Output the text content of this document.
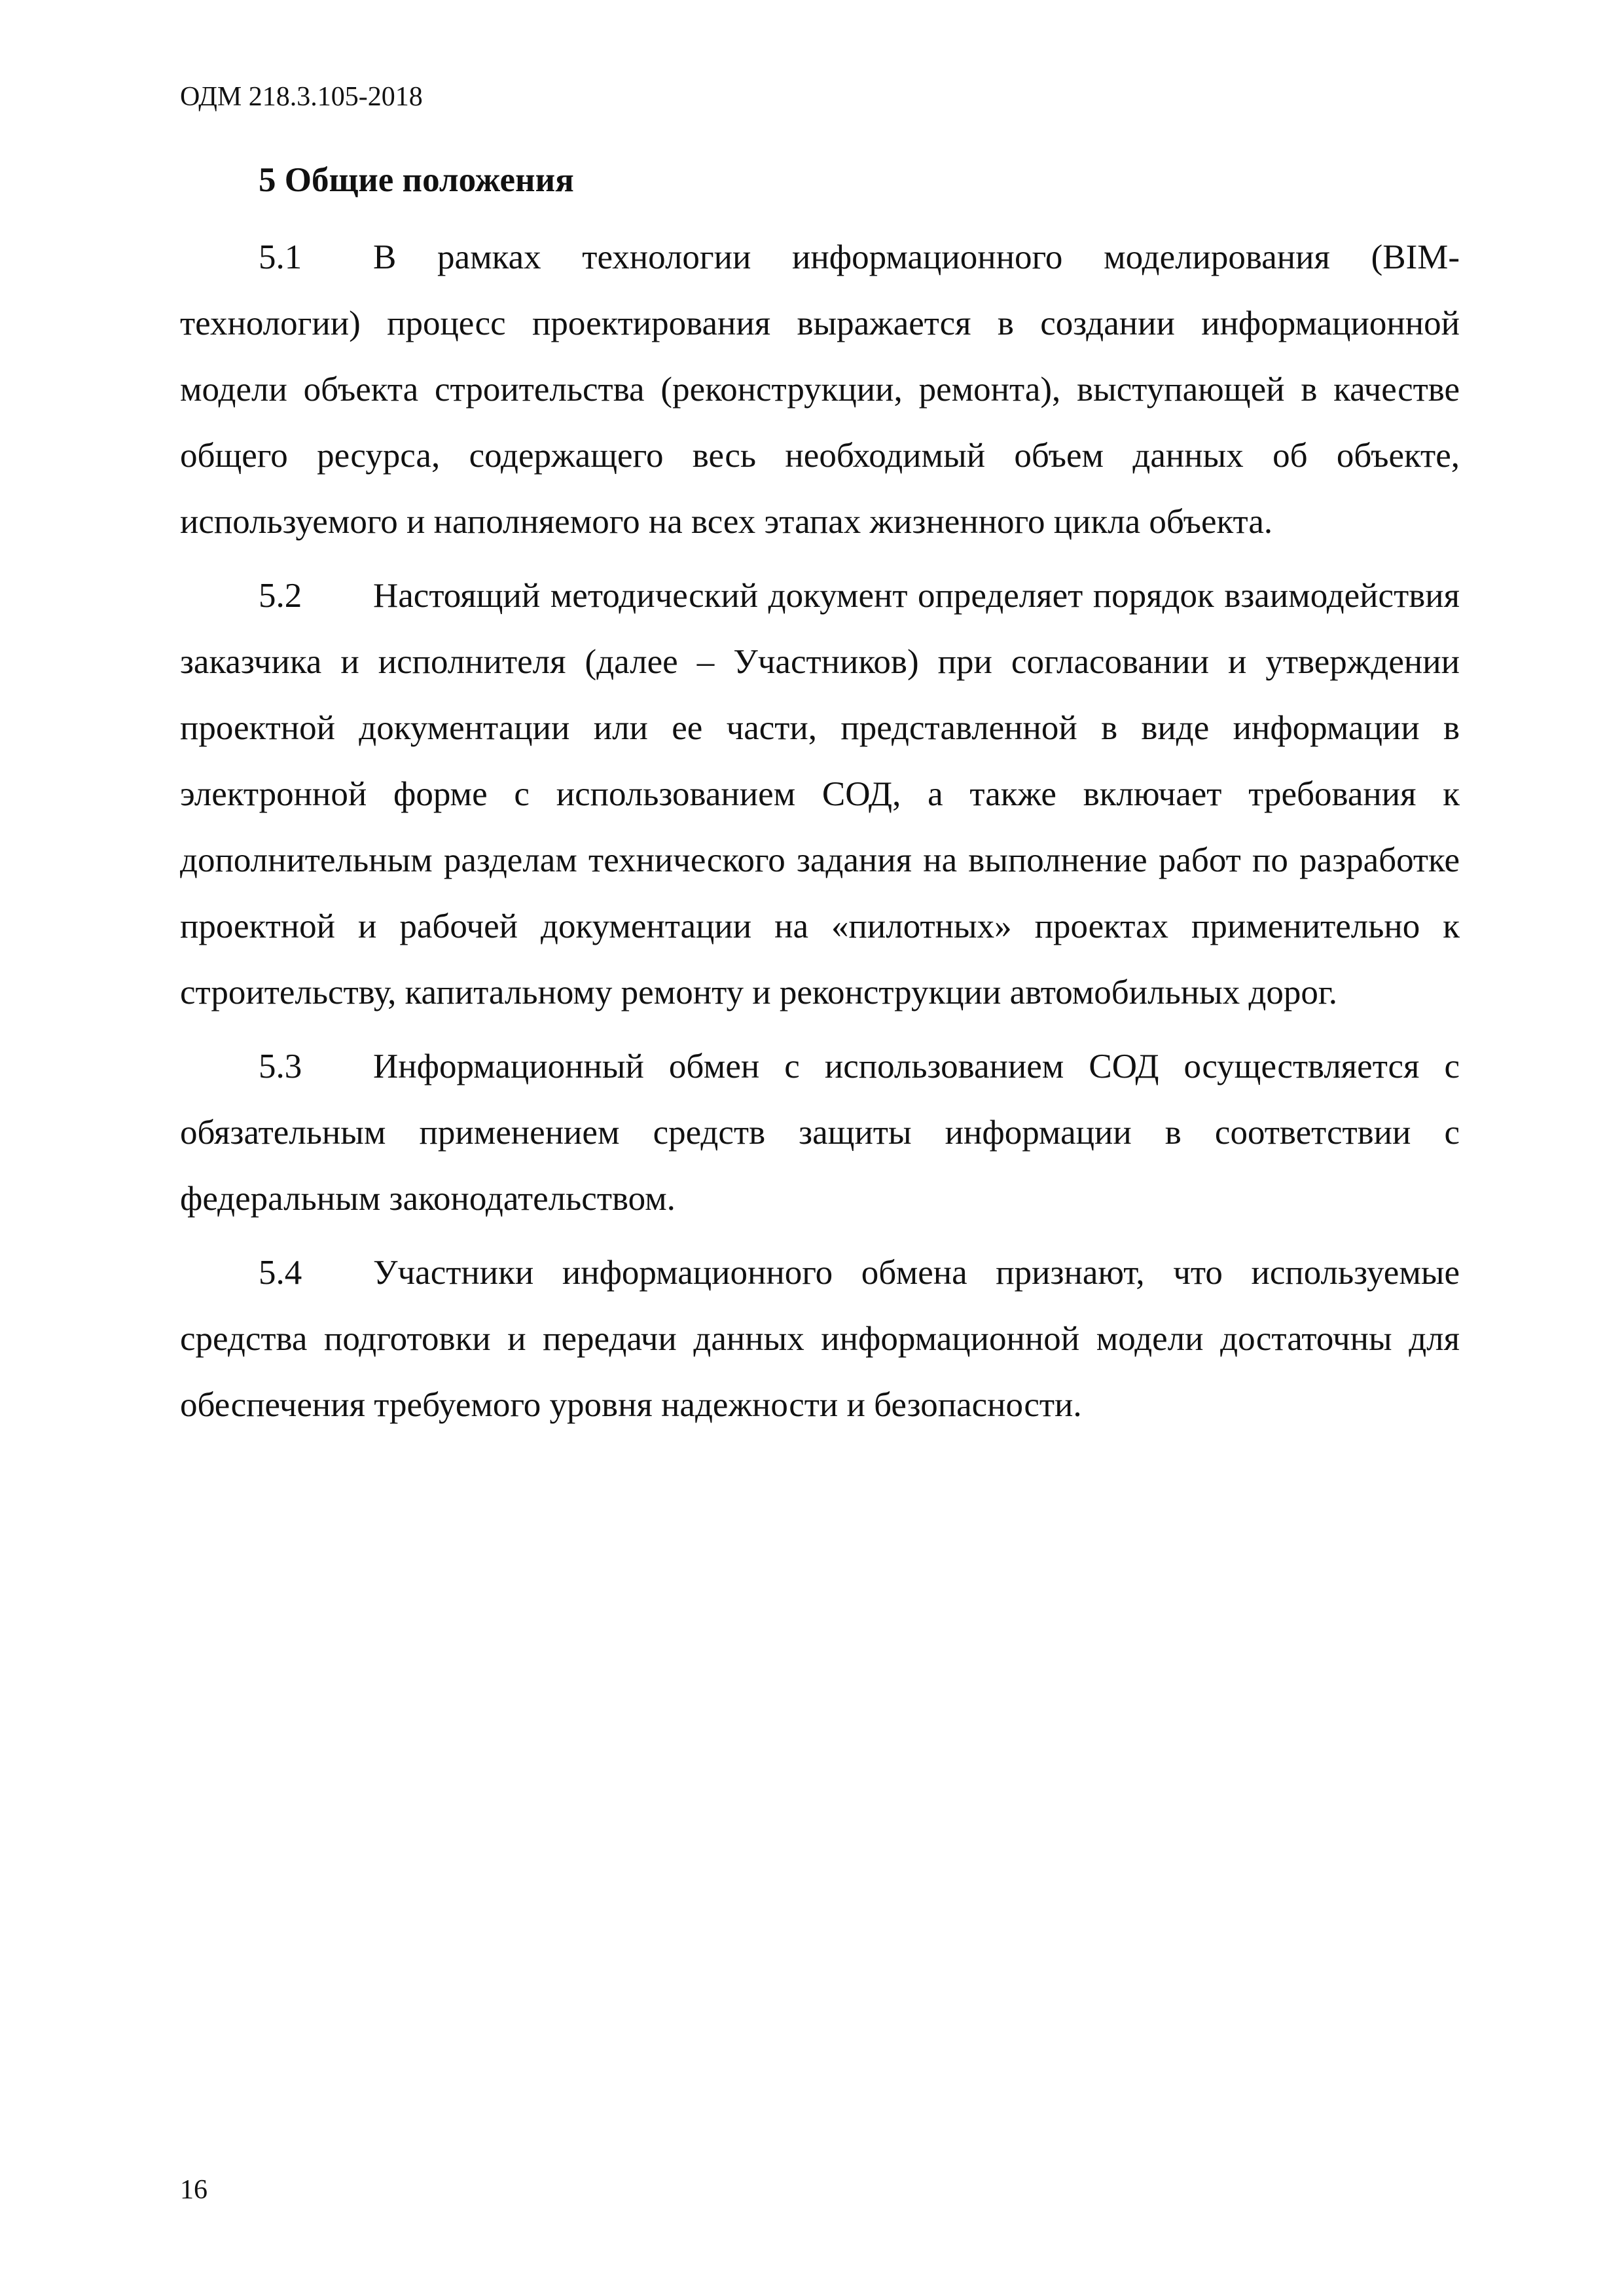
ОДМ 218.3.105-2018
5 Общие положения

5.1 В рамках технологии информационного моделирования (BIM-технологии) процесс проектирования выражается в создании информационной модели объекта строительства (реконструкции, ремонта), выступающей в качестве общего ресурса, содержащего весь необходимый объем данных об объекте, используемого и наполняемого на всех этапах жизненного цикла объекта.

5.2 Настоящий методический документ определяет порядок взаимодействия заказчика и исполнителя (далее – Участников) при согласовании и утверждении проектной документации или ее части, представленной в виде информации в электронной форме с использованием СОД, а также включает требования к дополнительным разделам технического задания на выполнение работ по разработке проектной и рабочей документации на «пилотных» проектах применительно к строительству, капитальному ремонту и реконструкции автомобильных дорог.

5.3 Информационный обмен с использованием СОД осуществляется с обязательным применением средств защиты информации в соответствии с федеральным законодательством.

5.4 Участники информационного обмена признают, что используемые средства подготовки и передачи данных информационной модели достаточны для обеспечения требуемого уровня надежности и безопасности.

16
